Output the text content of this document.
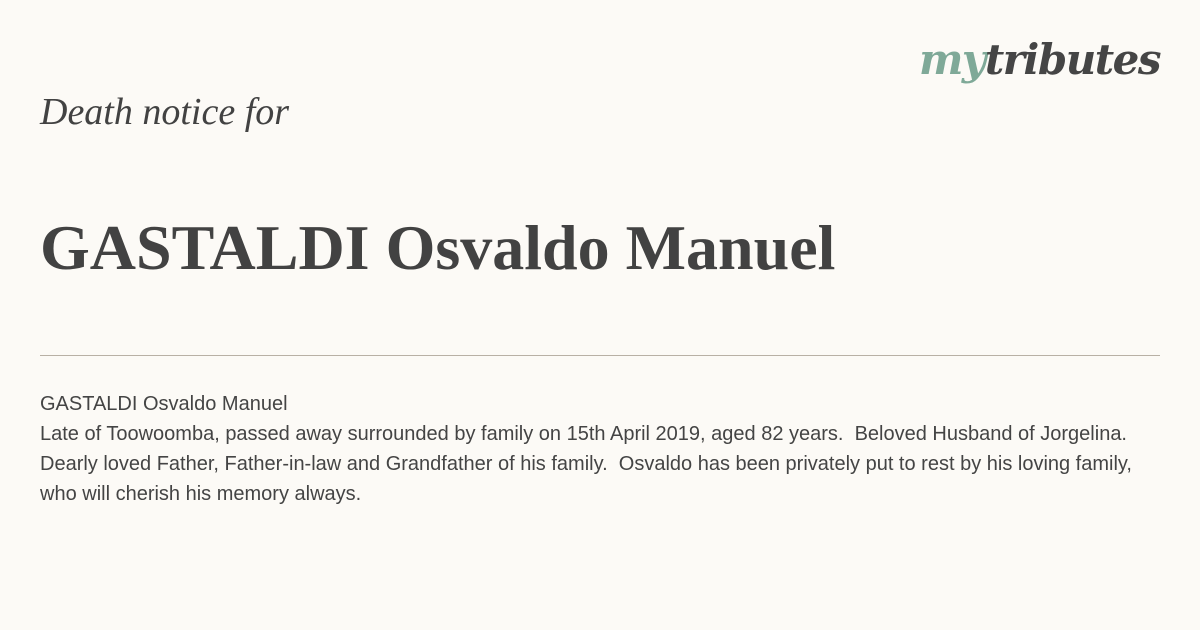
mytributes
Death notice for
GASTALDI Osvaldo Manuel

GASTALDI Osvaldo Manuel

Late of Toowoomba, passed away surrounded by family on 15th April 2019, aged 82 years.  Beloved Husband of Jorgelina.  Dearly loved Father, Father-in-law and Grandfather of his family.  Osvaldo has been privately put to rest by his loving family, who will cherish his memory always.
